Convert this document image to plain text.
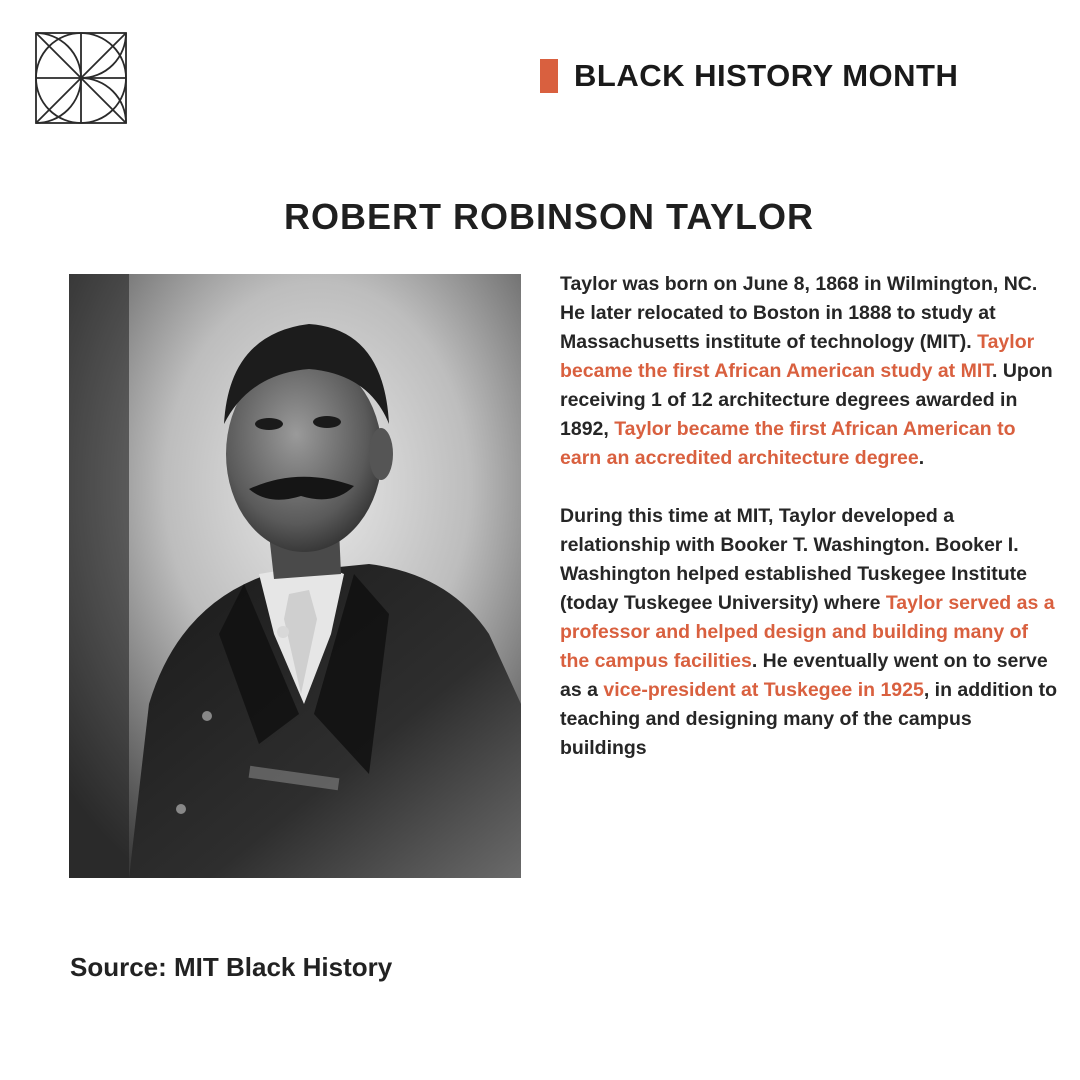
BLACK HISTORY MONTH
ROBERT ROBINSON TAYLOR

Taylor was born on June 8, 1868 in Wilmington, NC. He later relocated to Boston in 1888 to study at Massachusetts institute of technology (MIT). Taylor became the first African American study at MIT. Upon receiving 1 of 12 architecture degrees awarded in 1892, Taylor became the first African American to earn an accredited architecture degree.

During this time at MIT, Taylor developed a relationship with Booker T. Washington. Booker I. Washington helped established Tuskegee Institute (today Tuskegee University) where Taylor served as a professor and helped design and building many of the campus facilities. He eventually went on to serve as a vice-president at Tuskegee in 1925, in addition to teaching and designing many of the campus buildings

Source: MIT Black History
